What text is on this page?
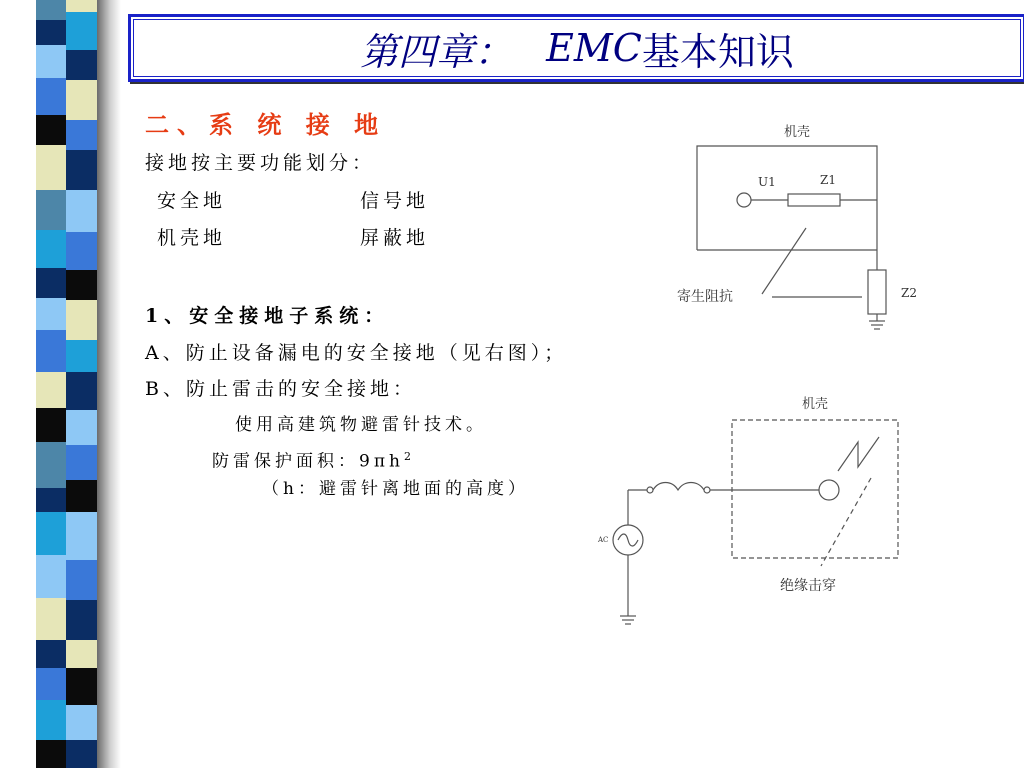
第四章： EMC 基本知识
二、系 统 接 地
接地按主要功能划分：
安全地	信号地
机壳地	屏蔽地
1、安全接地子系统：
A、防止设备漏电的安全接地（见右图）；
B、防止雷击的安全接地：
使用高建筑物避雷针技术。
防雷保护面积：$9\pi h^2$
（h：避雷针离地面的高度）
机壳
U1	Z1
寄生阻抗	Z2
机壳
AC
绝缘击穿
